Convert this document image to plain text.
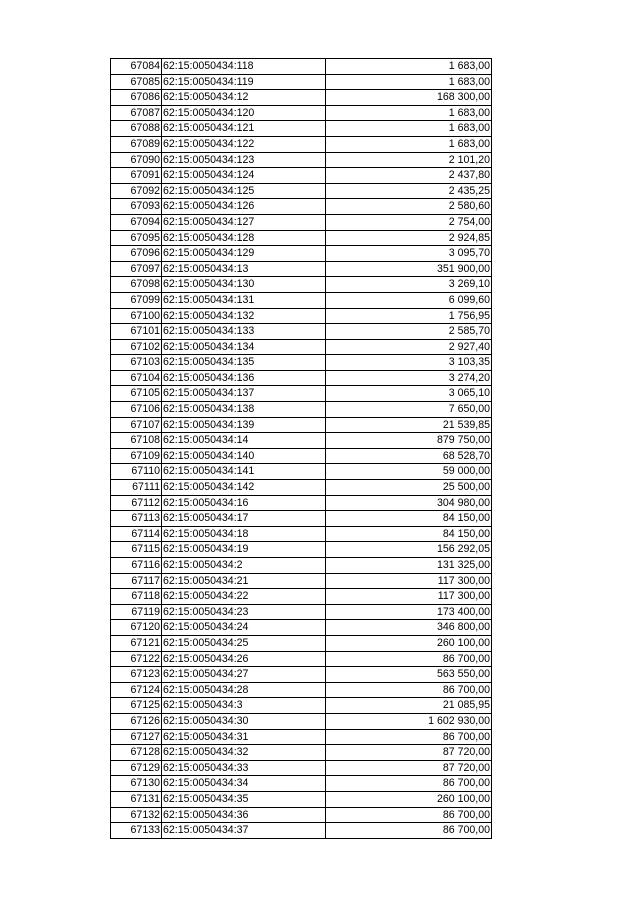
67084	62:15:0050434:118	1 683,00
67085	62:15:0050434:119	1 683,00
67086	62:15:0050434:12	168 300,00
67087	62:15:0050434:120	1 683,00
67088	62:15:0050434:121	1 683,00
67089	62:15:0050434:122	1 683,00
67090	62:15:0050434:123	2 101,20
67091	62:15:0050434:124	2 437,80
67092	62:15:0050434:125	2 435,25
67093	62:15:0050434:126	2 580,60
67094	62:15:0050434:127	2 754,00
67095	62:15:0050434:128	2 924,85
67096	62:15:0050434:129	3 095,70
67097	62:15:0050434:13	351 900,00
67098	62:15:0050434:130	3 269,10
67099	62:15:0050434:131	6 099,60
67100	62:15:0050434:132	1 756,95
67101	62:15:0050434:133	2 585,70
67102	62:15:0050434:134	2 927,40
67103	62:15:0050434:135	3 103,35
67104	62:15:0050434:136	3 274,20
67105	62:15:0050434:137	3 065,10
67106	62:15:0050434:138	7 650,00
67107	62:15:0050434:139	21 539,85
67108	62:15:0050434:14	879 750,00
67109	62:15:0050434:140	68 528,70
67110	62:15:0050434:141	59 000,00
67111	62:15:0050434:142	25 500,00
67112	62:15:0050434:16	304 980,00
67113	62:15:0050434:17	84 150,00
67114	62:15:0050434:18	84 150,00
67115	62:15:0050434:19	156 292,05
67116	62:15:0050434:2	131 325,00
67117	62:15:0050434:21	117 300,00
67118	62:15:0050434:22	117 300,00
67119	62:15:0050434:23	173 400,00
67120	62:15:0050434:24	346 800,00
67121	62:15:0050434:25	260 100,00
67122	62:15:0050434:26	86 700,00
67123	62:15:0050434:27	563 550,00
67124	62:15:0050434:28	86 700,00
67125	62:15:0050434:3	21 085,95
67126	62:15:0050434:30	1 602 930,00
67127	62:15:0050434:31	86 700,00
67128	62:15:0050434:32	87 720,00
67129	62:15:0050434:33	87 720,00
67130	62:15:0050434:34	86 700,00
67131	62:15:0050434:35	260 100,00
67132	62:15:0050434:36	86 700,00
67133	62:15:0050434:37	86 700,00
